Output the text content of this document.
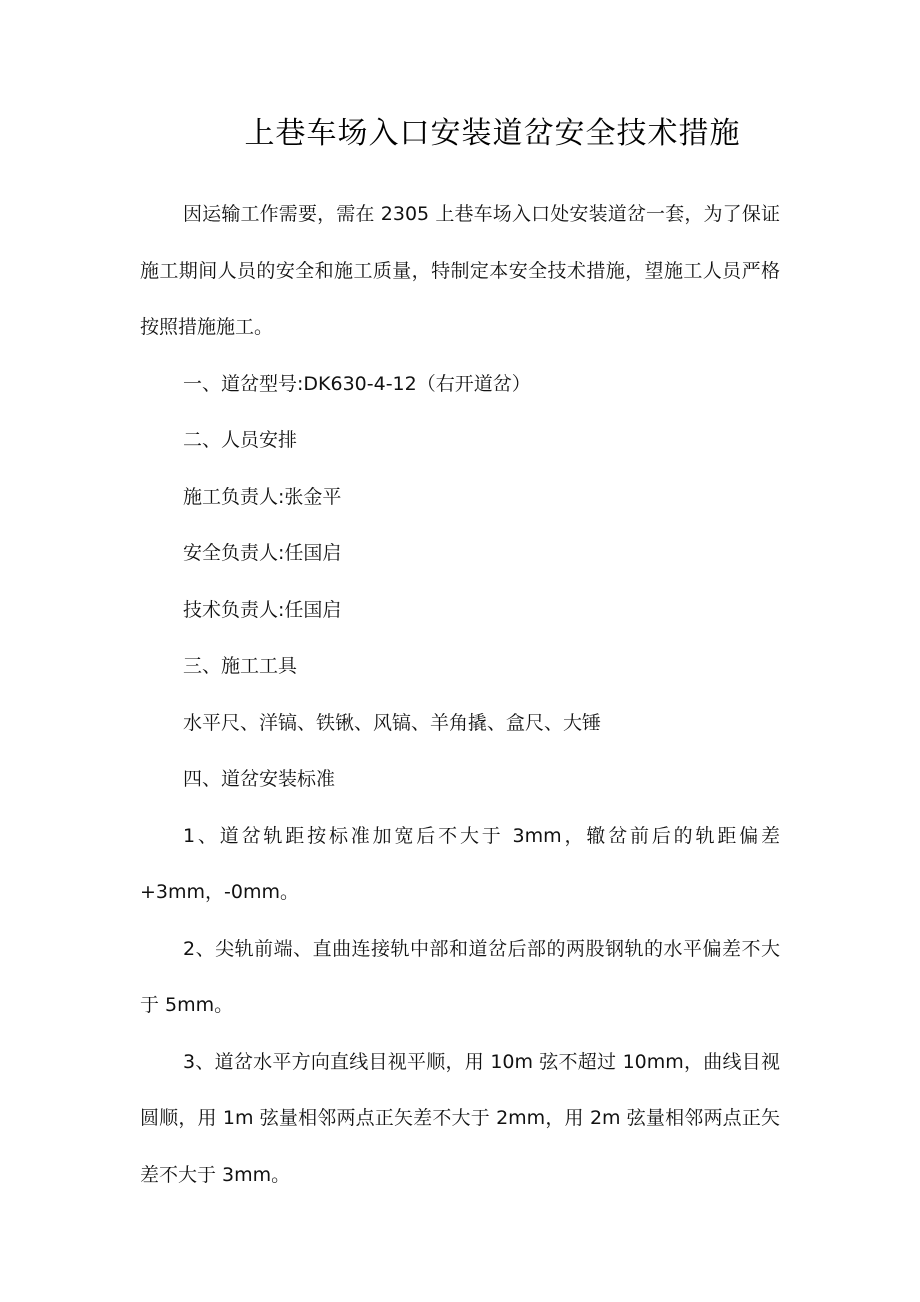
上巷车场入口安装道岔安全技术措施

因运输工作需要，需在 2305 上巷车场入口处安装道岔一套，为了保证施工期间人员的安全和施工质量，特制定本安全技术措施，望施工人员严格按照措施施工。

一、道岔型号:DK630-4-12（右开道岔）

二、人员安排

施工负责人:张金平

安全负责人:任国启

技术负责人:任国启

三、施工工具

水平尺、洋镐、铁锹、风镐、羊角撬、盒尺、大锤

四、道岔安装标准

1、道岔轨距按标准加宽后不大于 3mm，辙岔前后的轨距偏差+3mm，-0mm。

2、尖轨前端、直曲连接轨中部和道岔后部的两股钢轨的水平偏差不大于 5mm。

3、道岔水平方向直线目视平顺，用 10m 弦不超过 10mm，曲线目视圆顺，用 1m 弦量相邻两点正矢差不大于 2mm，用 2m 弦量相邻两点正矢差不大于 3mm。
